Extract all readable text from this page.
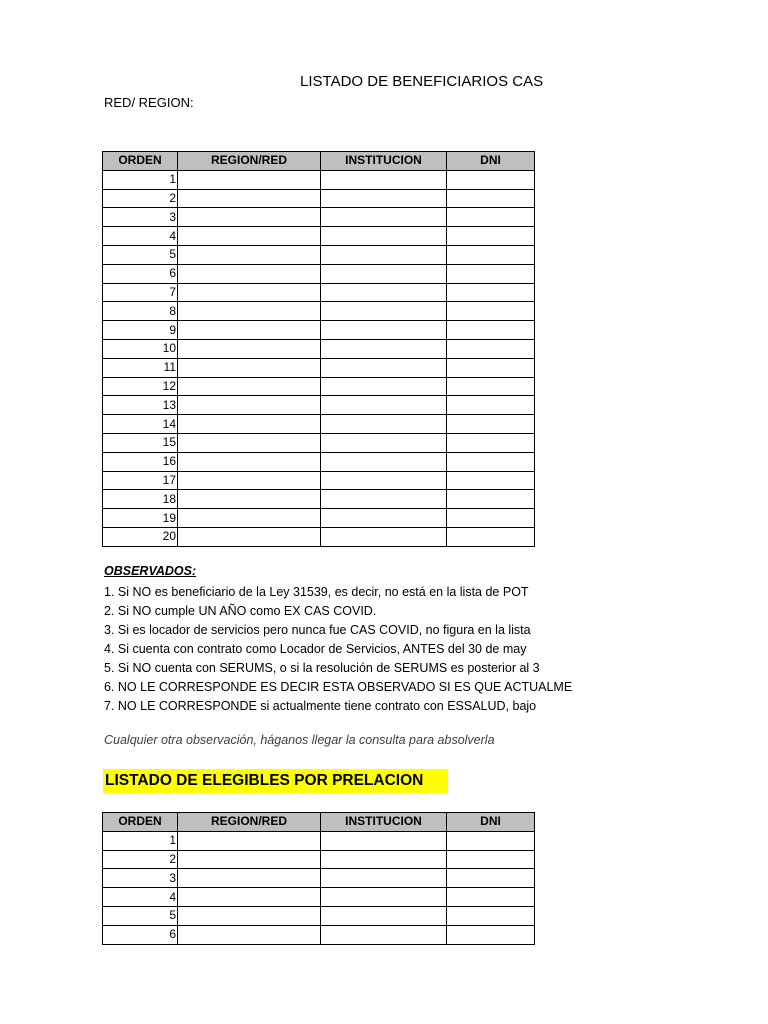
LISTADO DE BENEFICIARIOS CAS
RED/ REGION:
ORDEN	REGION/RED	INSTITUCION	DNI
1			
2			
3			
4			
5			
6			
7			
8			
9			
10			
11			
12			
13			
14			
15			
16			
17			
18			
19			
20			
OBSERVADOS:
1. Si NO es beneficiario de la Ley 31539, es decir, no está en la lista de POT
2. Si NO cumple UN AÑO como EX CAS COVID.
3. Si es locador de servicios pero nunca fue CAS COVID, no figura en la lista
4. Si cuenta con contrato como Locador de Servicios, ANTES del 30 de may
5. Si NO cuenta con SERUMS, o si la resolución de SERUMS es posterior al 3
6. NO LE CORRESPONDE ES DECIR ESTA OBSERVADO SI ES QUE ACTUALME
7. NO LE CORRESPONDE si actualmente tiene contrato con ESSALUD, bajo
Cualquier otra observación, háganos llegar la consulta para absolverla
LISTADO DE ELEGIBLES POR PRELACION
ORDEN	REGION/RED	INSTITUCION	DNI
1			
2			
3			
4			
5			
6			
